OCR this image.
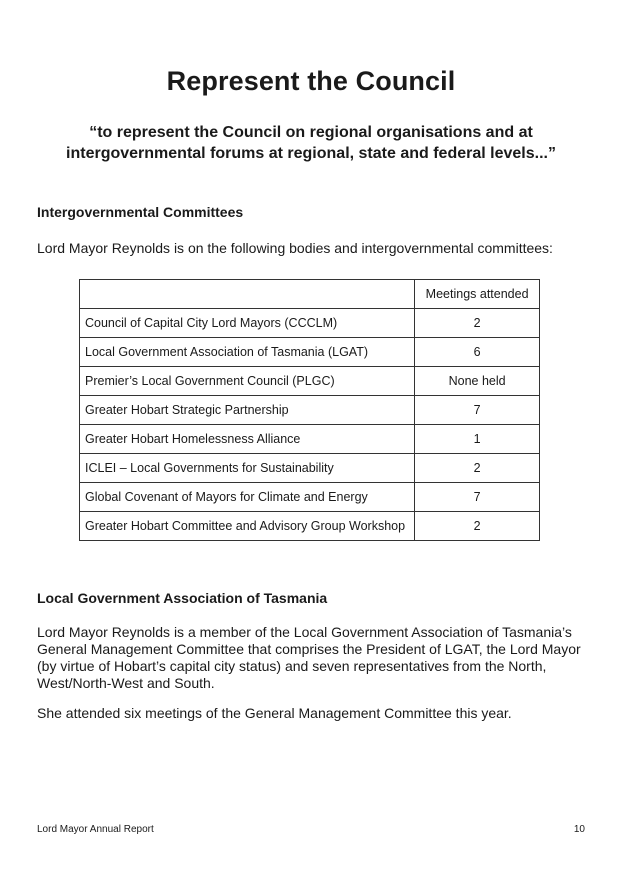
Represent the Council
“to represent the Council on regional organisations and at intergovernmental forums at regional, state and federal levels...”
Intergovernmental Committees
Lord Mayor Reynolds is on the following bodies and intergovernmental committees:
	Meetings attended
Council of Capital City Lord Mayors (CCCLM)	2
Local Government Association of Tasmania (LGAT)	6
Premier’s Local Government Council (PLGC)	None held
Greater Hobart Strategic Partnership	7
Greater Hobart Homelessness Alliance	1
ICLEI – Local Governments for Sustainability	2
Global Covenant of Mayors for Climate and Energy	7
Greater Hobart Committee and Advisory Group Workshop	2
Local Government Association of Tasmania
Lord Mayor Reynolds is a member of the Local Government Association of Tasmania’s General Management Committee that comprises the President of LGAT, the Lord Mayor (by virtue of Hobart’s capital city status) and seven representatives from the North, West/North-West and South.
She attended six meetings of the General Management Committee this year.
Lord Mayor Annual Report	10
